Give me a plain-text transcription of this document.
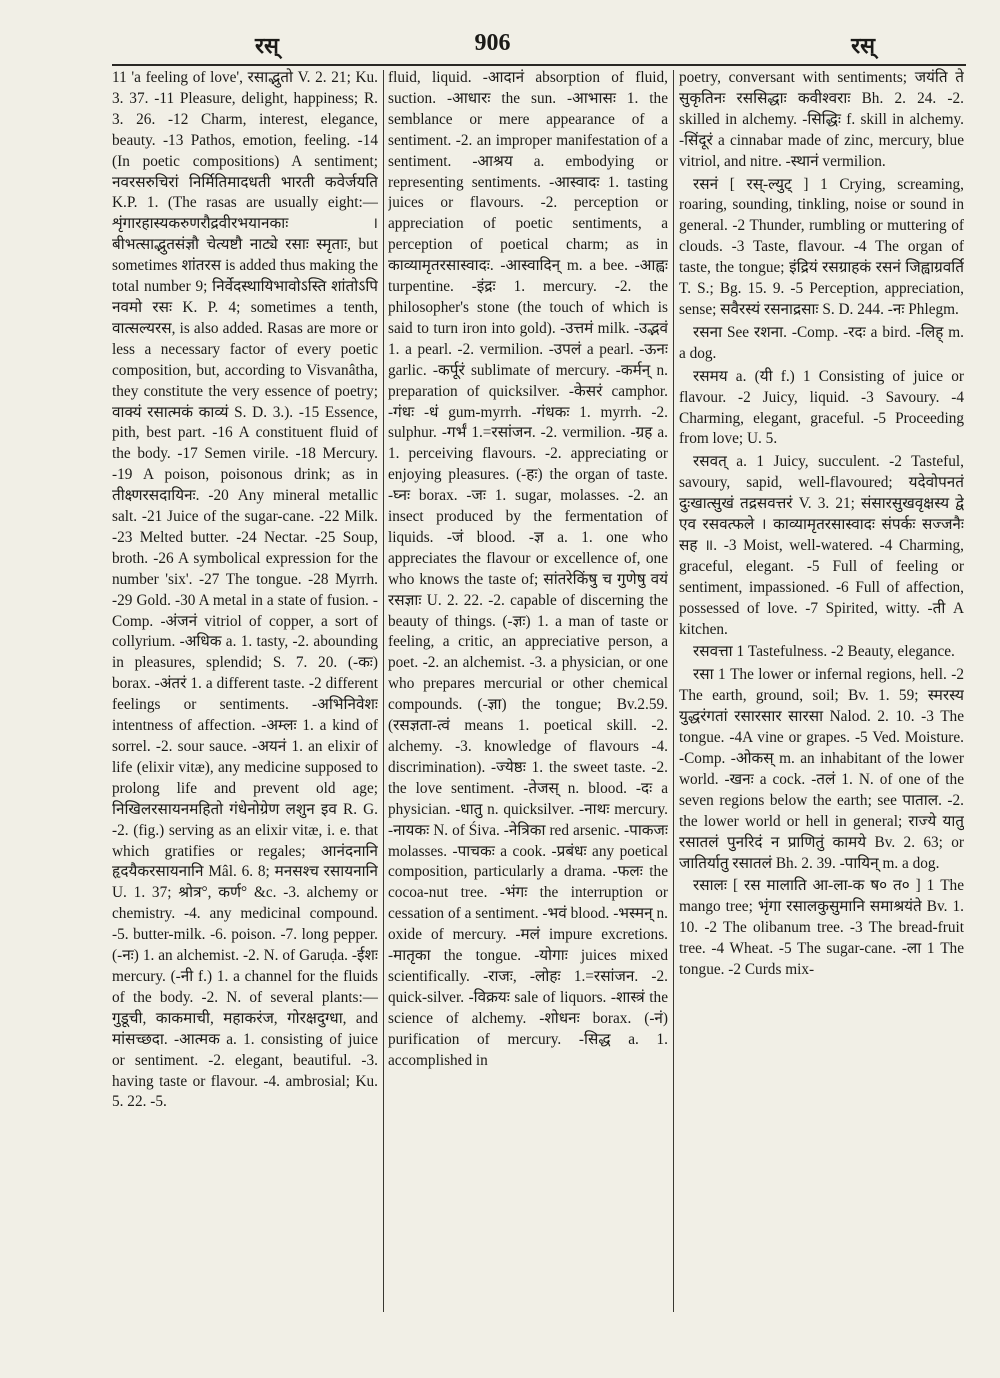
रस्	906	रस्

11 'a feeling of love', रसाद्भुतो V. 2. 21; Ku. 3. 37. -11 Pleasure, delight, happiness; R. 3. 26. -12 Charm, interest, elegance, beauty. -13 Pathos, emotion, feeling. -14 (In poetic compositions) A sentiment; नवरसरुचिरां निर्मितिमादधती भारती कवेर्जयति K.P. 1. (The rasas are usually eight:—शृंगारहास्यकरुणरौद्रवीरभयानकाः । बीभत्साद्भुतसंज्ञौ चेत्यष्टौ नाट्ये रसाः स्मृताः, but sometimes शांतरस is added thus making the total number 9; निर्वेदस्थायिभावोऽस्ति शांतोऽपि नवमो रसः K. P. 4; sometimes a tenth, वात्सल्यरस, is also added. Rasas are more or less a necessary factor of every poetic composition, but, according to Visvanâtha, they constitute the very essence of poetry; वाक्यं रसात्मकं काव्यं S. D. 3.). -15 Essence, pith, best part. -16 A constituent fluid of the body. -17 Semen virile. -18 Mercury. -19 A poison, poisonous drink; as in तीक्ष्णरसदायिनः. -20 Any mineral metallic salt. -21 Juice of the sugar-cane. -22 Milk. -23 Melted butter. -24 Nectar. -25 Soup, broth. -26 A symbolical expression for the number 'six'. -27 The tongue. -28 Myrrh. -29 Gold. -30 A metal in a state of fusion. -Comp. -अंजनं vitriol of copper, a sort of collyrium. -अधिक a. 1. tasty, -2. abounding in pleasures, splendid; S. 7. 20. (-कः) borax. -अंतरं 1. a different taste. -2 different feelings or sentiments. -अभिनिवेशः intentness of affection. -अम्लः 1. a kind of sorrel. -2. sour sauce. -अयनं 1. an elixir of life (elixir vitæ), any medicine supposed to prolong life and prevent old age; निखिलरसायनमहितो गंधेनोग्रेण लशुन इव R. G. -2. (fig.) serving as an elixir vitæ, i. e. that which gratifies or regales; आनंदनानि हृदयैकरसायनानि Mâl. 6. 8; मनसश्च रसायनानि U. 1. 37; श्रोत्र°, कर्ण° &c. -3. alchemy or chemistry. -4. any medicinal compound. -5. butter-milk. -6. poison. -7. long pepper. (-नः) 1. an alchemist. -2. N. of Garuḍa. -ईशः mercury. (-नी f.) 1. a channel for the fluids of the body. -2. N. of several plants:—गुडूची, काकमाची, महाकरंज, गोरक्षदुग्धा, and मांसच्छदा. -आत्मक a. 1. consisting of juice or sentiment. -2. elegant, beautiful. -3. having taste or flavour. -4. ambrosial; Ku. 5. 22. -5.

fluid, liquid. -आदानं absorption of fluid, suction. -आधारः the sun. -आभासः 1. the semblance or mere appearance of a sentiment. -2. an improper manifestation of a sentiment. -आश्रय a. embodying or representing sentiments. -आस्वादः 1. tasting juices or flavours. -2. perception or appreciation of poetic sentiments, a perception of poetical charm; as in काव्यामृतरसास्वादः. -आस्वादिन् m. a bee. -आह्वः turpentine. -इंद्रः 1. mercury. -2. the philosopher's stone (the touch of which is said to turn iron into gold). -उत्तमं milk. -उद्भवं 1. a pearl. -2. vermilion. -उपलं a pearl. -ऊनः garlic. -कर्पूरं sublimate of mercury. -कर्मन् n. preparation of quicksilver. -केसरं camphor. -गंधः -धं gum-myrrh. -गंधकः 1. myrrh. -2. sulphur. -गर्भं 1.=रसांजन. -2. vermilion. -ग्रह a. 1. perceiving flavours. -2. appreciating or enjoying pleasures. (-हः) the organ of taste. -घ्नः borax. -जः 1. sugar, molasses. -2. an insect produced by the fermentation of liquids. -जं blood. -ज्ञ a. 1. one who appreciates the flavour or excellence of, one who knows the taste of; सांतरेकिंषु च गुणेषु वयं रसज्ञाः U. 2. 22. -2. capable of discerning the beauty of things. (-ज्ञः) 1. a man of taste or feeling, a critic, an appreciative person, a poet. -2. an alchemist. -3. a physician, or one who prepares mercurial or other chemical compounds. (-ज्ञा) the tongue; Bv.2.59. (रसज्ञता-त्वं means 1. poetical skill. -2. alchemy. -3. knowledge of flavours -4. discrimination). -ज्येष्ठः 1. the sweet taste. -2. the love sentiment. -तेजस् n. blood. -दः a physician. -धातु n. quicksilver. -नाथः mercury. -नायकः N. of Śiva. -नेत्रिका red arsenic. -पाकजः molasses. -पाचकः a cook. -प्रबंधः any poetical composition, particularly a drama. -फलः the cocoa-nut tree. -भंगः the interruption or cessation of a sentiment. -भवं blood. -भस्मन् n. oxide of mercury. -मलं impure excretions. -मातृका the tongue. -योगाः juices mixed scientifically. -राजः, -लोहः 1.=रसांजन. -2. quick-silver. -विक्रयः sale of liquors. -शास्त्रं the science of alchemy. -शोधनः borax. (-नं) purification of mercury. -सिद्ध a. 1. accomplished in

poetry, conversant with sentiments; जयंति ते सुकृतिनः रससिद्धाः कवीश्वराः Bh. 2. 24. -2. skilled in alchemy. -सिद्धिः f. skill in alchemy. -सिंदूरं a cinnabar made of zinc, mercury, blue vitriol, and nitre. -स्थानं vermilion.

रसनं [ रस्-ल्युट् ] 1 Crying, screaming, roaring, sounding, tinkling, noise or sound in general. -2 Thunder, rumbling or muttering of clouds. -3 Taste, flavour. -4 The organ of taste, the tongue; इंद्रियं रसग्राहकं रसनं जिह्वाग्रवर्ति T. S.; Bg. 15. 9. -5 Perception, appreciation, sense; सवैरस्यं रसनाद्रसाः S. D. 244. -नः Phlegm.

रसना See रशना. -Comp. -रदः a bird. -लिह् m. a dog.

रसमय a. (यी f.) 1 Consisting of juice or flavour. -2 Juicy, liquid. -3 Savoury. -4 Charming, elegant, graceful. -5 Proceeding from love; U. 5.

रसवत् a. 1 Juicy, succulent. -2 Tasteful, savoury, sapid, well-flavoured; यदेवोपनतं दुःखात्सुखं तद्रसवत्तरं V. 3. 21; संसारसुखवृक्षस्य द्वे एव रसवत्फले । काव्यामृतरसास्वादः संपर्कः सज्जनैः सह ॥. -3 Moist, well-watered. -4 Charming, graceful, elegant. -5 Full of feeling or sentiment, impassioned. -6 Full of affection, possessed of love. -7 Spirited, witty. -ती A kitchen.

रसवत्ता 1 Tastefulness. -2 Beauty, elegance.

रसा 1 The lower or infernal regions, hell. -2 The earth, ground, soil; Bv. 1. 59; स्मरस्य युद्धरंगतां रसारसार सारसा Nalod. 2. 10. -3 The tongue. -4A vine or grapes. -5 Ved. Moisture. -Comp. -ओकस् m. an inhabitant of the lower world. -खनः a cock. -तलं 1. N. of one of the seven regions below the earth; see पाताल. -2. the lower world or hell in general; राज्ये यातु रसातलं पुनरिदं न प्राणितुं कामये Bv. 2. 63; or जातिर्यातु रसातलं Bh. 2. 39. -पायिन् m. a dog.

रसालः [ रस मालाति आ-ला-क ष० त० ] 1 The mango tree; भृंगा रसालकुसुमानि समाश्रयंते Bv. 1. 10. -2 The olibanum tree. -3 The bread-fruit tree. -4 Wheat. -5 The sugar-cane. -ला 1 The tongue. -2 Curds mix-
